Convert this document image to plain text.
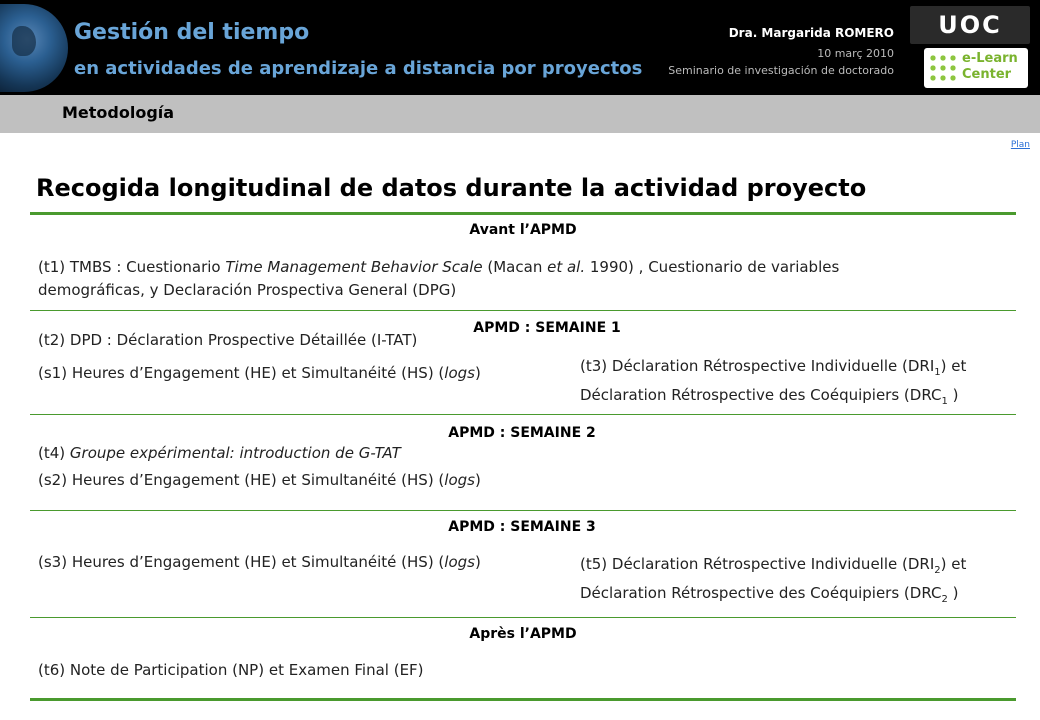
Gestión del tiempo
en actividades de aprendizaje a distancia por proyectos
Dra. Margarida ROMERO
10 març 2010
Seminario de investigación de doctorado
UOC
e-Learn
Center
Metodología
Plan
Recogida longitudinal de datos durante la actividad proyecto
Avant l’APMD
(t1) TMBS : Cuestionario Time Management Behavior Scale (Macan et al. 1990) , Cuestionario de variables
demográficas, y Declaración Prospectiva General (DPG)
APMD : SEMAINE 1
(t2) DPD : Déclaration Prospective Détaillée (I-TAT)
(s1) Heures d’Engagement (HE) et Simultanéité (HS) (logs)	(t3) Déclaration Rétrospective Individuelle $(DRI_1)$ et
Déclaration Rétrospective des Coéquipiers ($DRC_1$ )
APMD : SEMAINE 2
(t4) Groupe expérimental: introduction de G-TAT
(s2) Heures d’Engagement (HE) et Simultanéité (HS) (logs)
APMD : SEMAINE 3
(s3) Heures d’Engagement (HE) et Simultanéité (HS) (logs)	(t5) Déclaration Rétrospective Individuelle $(DRI_2)$ et
Déclaration Rétrospective des Coéquipiers ($DRC_2$ )
Après l’APMD
(t6) Note de Participation (NP) et Examen Final (EF)
